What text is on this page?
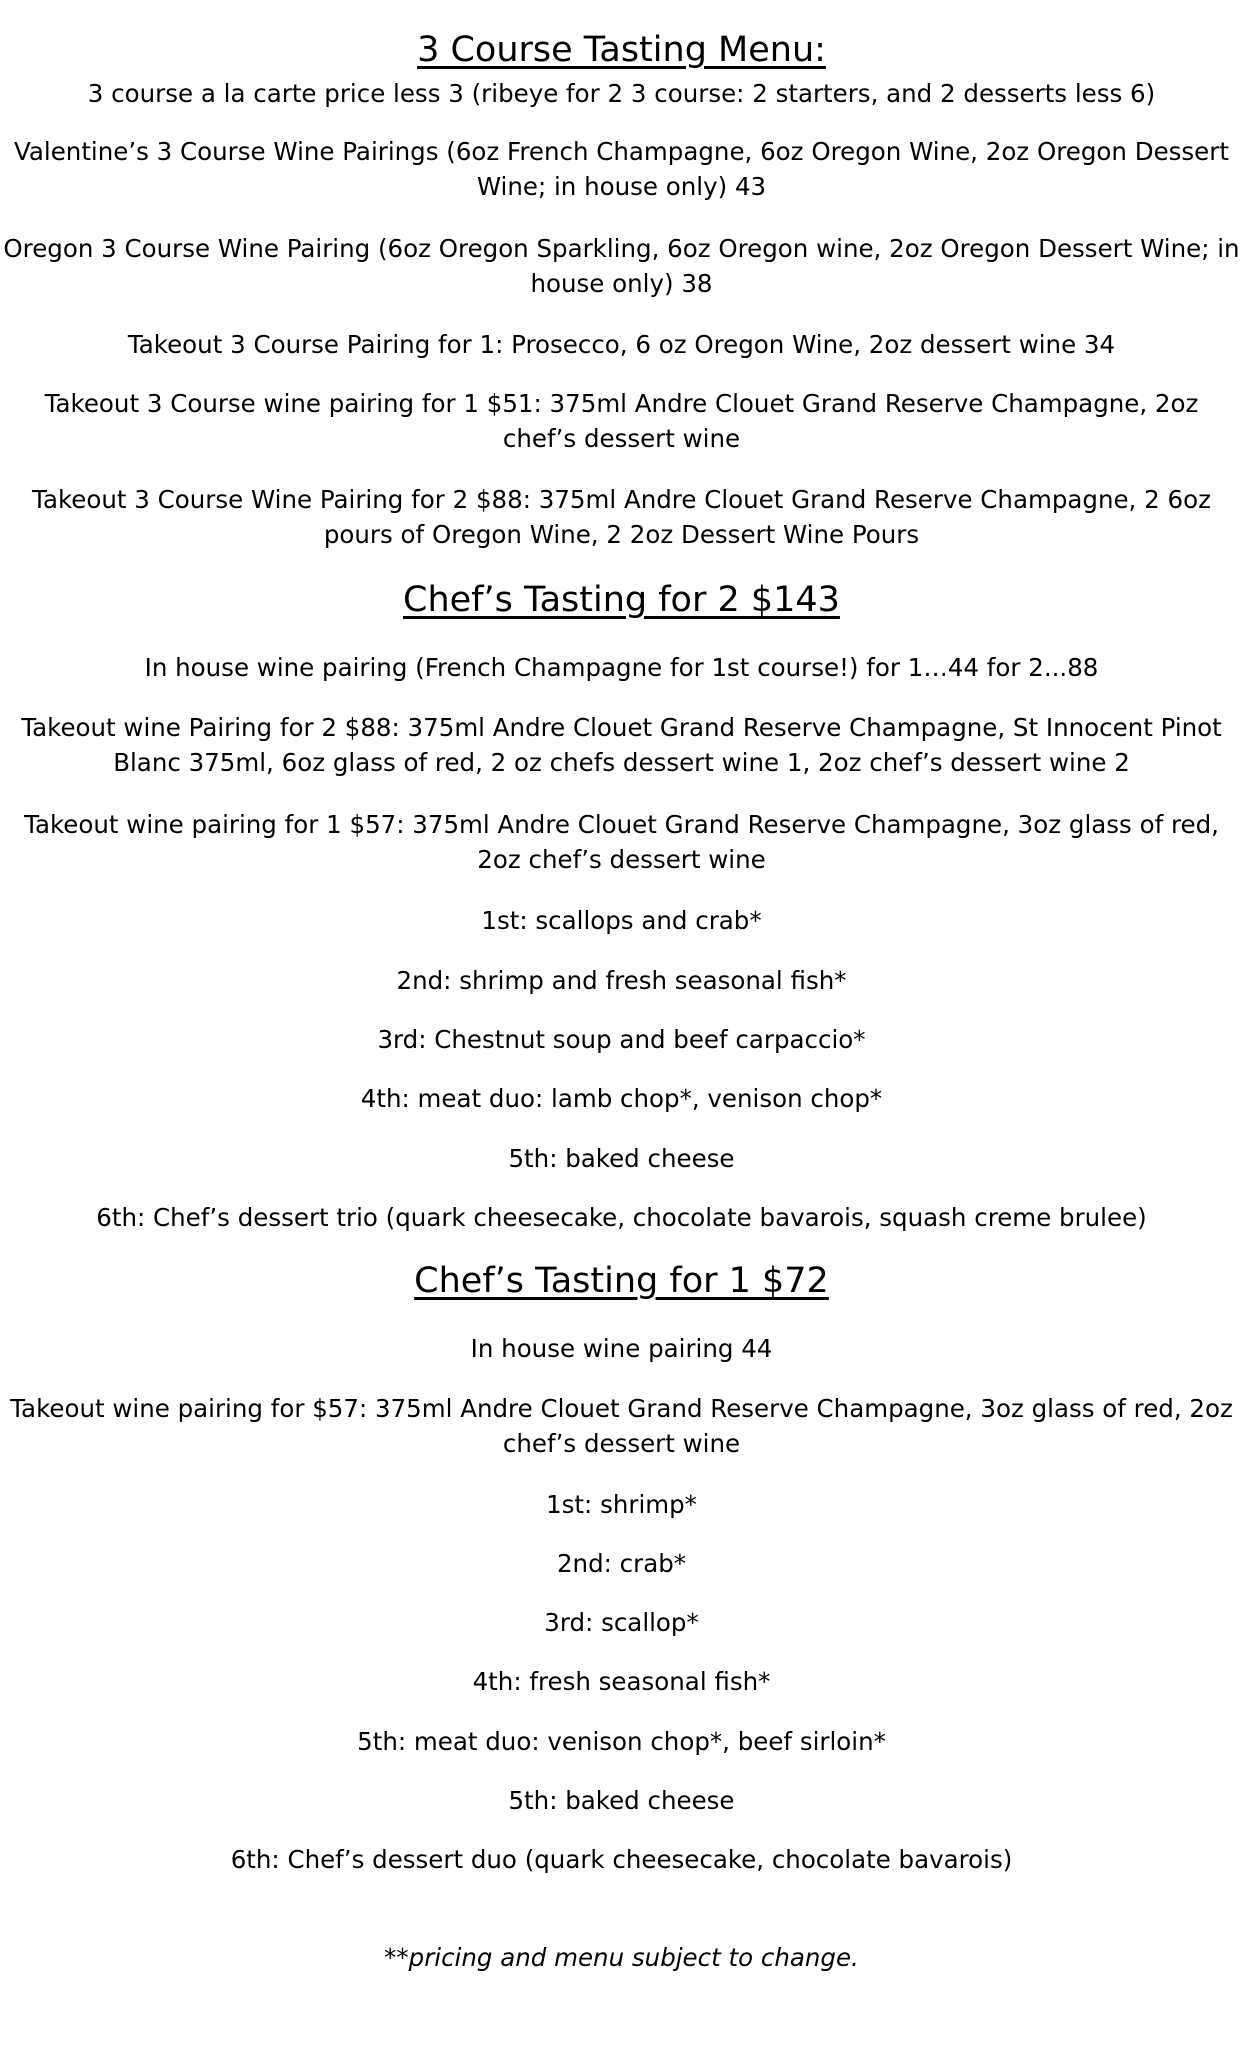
3 Course Tasting Menu:
3 course a la carte price less 3 (ribeye for 2 3 course: 2 starters, and 2 desserts less 6)
Valentine’s 3 Course Wine Pairings (6oz French Champagne, 6oz Oregon Wine, 2oz Oregon Dessert
Wine; in house only) 43
Oregon 3 Course Wine Pairing (6oz Oregon Sparkling, 6oz Oregon wine, 2oz Oregon Dessert Wine; in
house only) 38
Takeout 3 Course Pairing for 1: Prosecco, 6 oz Oregon Wine, 2oz dessert wine 34
Takeout 3 Course wine pairing for 1 $51: 375ml Andre Clouet Grand Reserve Champagne, 2oz
chef’s dessert wine
Takeout 3 Course Wine Pairing for 2 $88: 375ml Andre Clouet Grand Reserve Champagne, 2 6oz
pours of Oregon Wine, 2 2oz Dessert Wine Pours
Chef’s Tasting for 2 $143
In house wine pairing (French Champagne for 1st course!) for 1…44 for 2...88
Takeout wine Pairing for 2 $88: 375ml Andre Clouet Grand Reserve Champagne, St Innocent Pinot
Blanc 375ml, 6oz glass of red, 2 oz chefs dessert wine 1, 2oz chef’s dessert wine 2
Takeout wine pairing for 1 $57: 375ml Andre Clouet Grand Reserve Champagne, 3oz glass of red,
2oz chef’s dessert wine
1st: scallops and crab*
2nd: shrimp and fresh seasonal fish*
3rd: Chestnut soup and beef carpaccio*
4th: meat duo: lamb chop*, venison chop*
5th: baked cheese
6th: Chef’s dessert trio (quark cheesecake, chocolate bavarois, squash creme brulee)
Chef’s Tasting for 1 $72
In house wine pairing 44
Takeout wine pairing for $57: 375ml Andre Clouet Grand Reserve Champagne, 3oz glass of red, 2oz
chef’s dessert wine
1st: shrimp*
2nd: crab*
3rd: scallop*
4th: fresh seasonal fish*
5th: meat duo: venison chop*, beef sirloin*
5th: baked cheese
6th: Chef’s dessert duo (quark cheesecake, chocolate bavarois)
**pricing and menu subject to change.
